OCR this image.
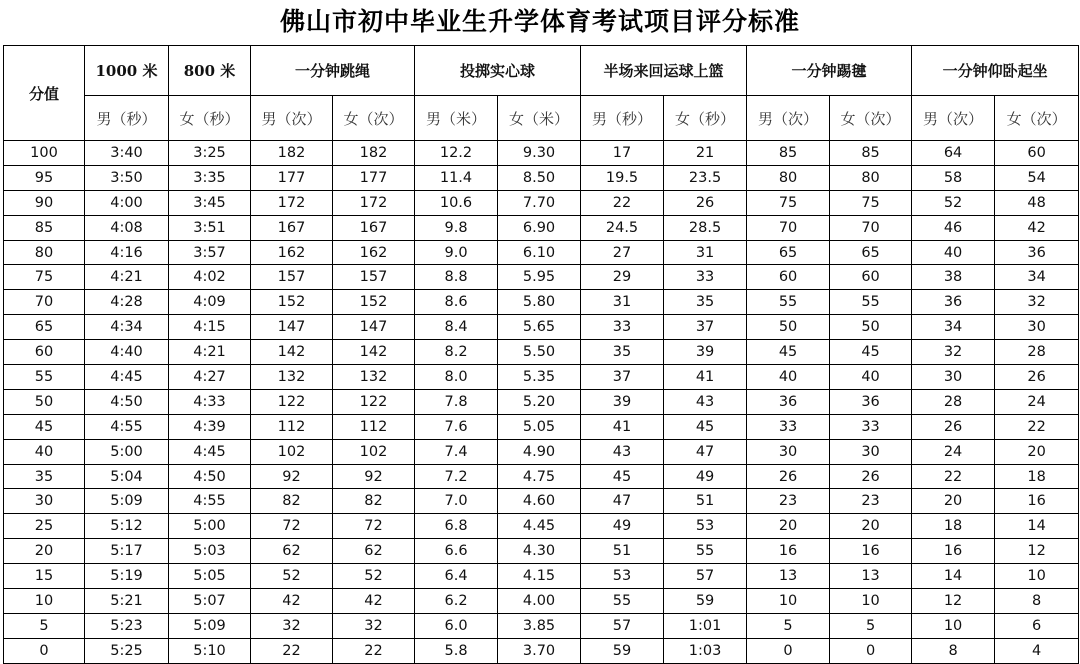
佛山市初中毕业生升学体育考试项目评分标准
分值	1000 米	800 米	一分钟跳绳		投掷实心球		半场来回运球上篮		一分钟踢毽		一分钟仰卧起坐	
	男（秒）	女（秒）	男（次）	女（次）	男（米）	女（米）	男（秒）	女（秒）	男（次）	女（次）	男（次）	女（次）
100	3:40	3:25	182	182	12.2	9.30	17	21	85	85	64	60
95	3:50	3:35	177	177	11.4	8.50	19.5	23.5	80	80	58	54
90	4:00	3:45	172	172	10.6	7.70	22	26	75	75	52	48
85	4:08	3:51	167	167	9.8	6.90	24.5	28.5	70	70	46	42
80	4:16	3:57	162	162	9.0	6.10	27	31	65	65	40	36
75	4:21	4:02	157	157	8.8	5.95	29	33	60	60	38	34
70	4:28	4:09	152	152	8.6	5.80	31	35	55	55	36	32
65	4:34	4:15	147	147	8.4	5.65	33	37	50	50	34	30
60	4:40	4:21	142	142	8.2	5.50	35	39	45	45	32	28
55	4:45	4:27	132	132	8.0	5.35	37	41	40	40	30	26
50	4:50	4:33	122	122	7.8	5.20	39	43	36	36	28	24
45	4:55	4:39	112	112	7.6	5.05	41	45	33	33	26	22
40	5:00	4:45	102	102	7.4	4.90	43	47	30	30	24	20
35	5:04	4:50	92	92	7.2	4.75	45	49	26	26	22	18
30	5:09	4:55	82	82	7.0	4.60	47	51	23	23	20	16
25	5:12	5:00	72	72	6.8	4.45	49	53	20	20	18	14
20	5:17	5:03	62	62	6.6	4.30	51	55	16	16	16	12
15	5:19	5:05	52	52	6.4	4.15	53	57	13	13	14	10
10	5:21	5:07	42	42	6.2	4.00	55	59	10	10	12	8
5	5:23	5:09	32	32	6.0	3.85	57	1:01	5	5	10	6
0	5:25	5:10	22	22	5.8	3.70	59	1:03	0	0	8	4
